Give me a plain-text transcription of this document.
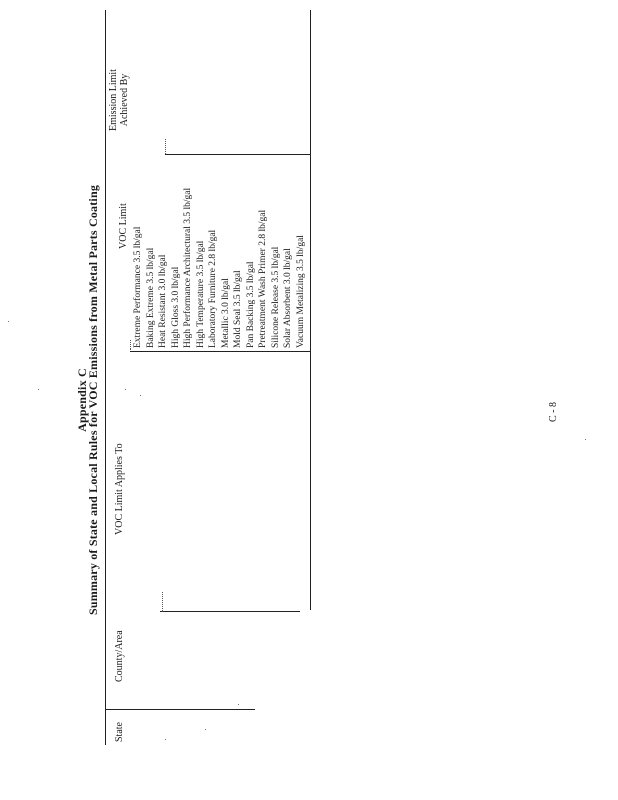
Appendix C
Summary of State and Local Rules for VOC Emissions from Metal Parts Coating
State
County/Area
VOC Limit Applies To
VOC Limit
Emission Limit Achieved By
Extreme Performance 3.5 lb/gal Baking Extreme 3.5 lb/gal Heat Resistant 3.0 lb/gal High Gloss 3.0 lb/gal High Performance Architectural 3.5 lb/gal High Temperature 3.5 lb/gal Laboratory Furniture 2.8 lb/gal Metallic 3.0 lb/gal Mold Seal 3.5 lb/gal Pan Backing 3.5 lb/gal Pretreatment Wash Primer 2.8 lb/gal Silicone Release 3.5 lb/gal Solar Absorbent 3.0 lb/gal Vacuum Metalizing 3.5 lb/gal
C - 8
